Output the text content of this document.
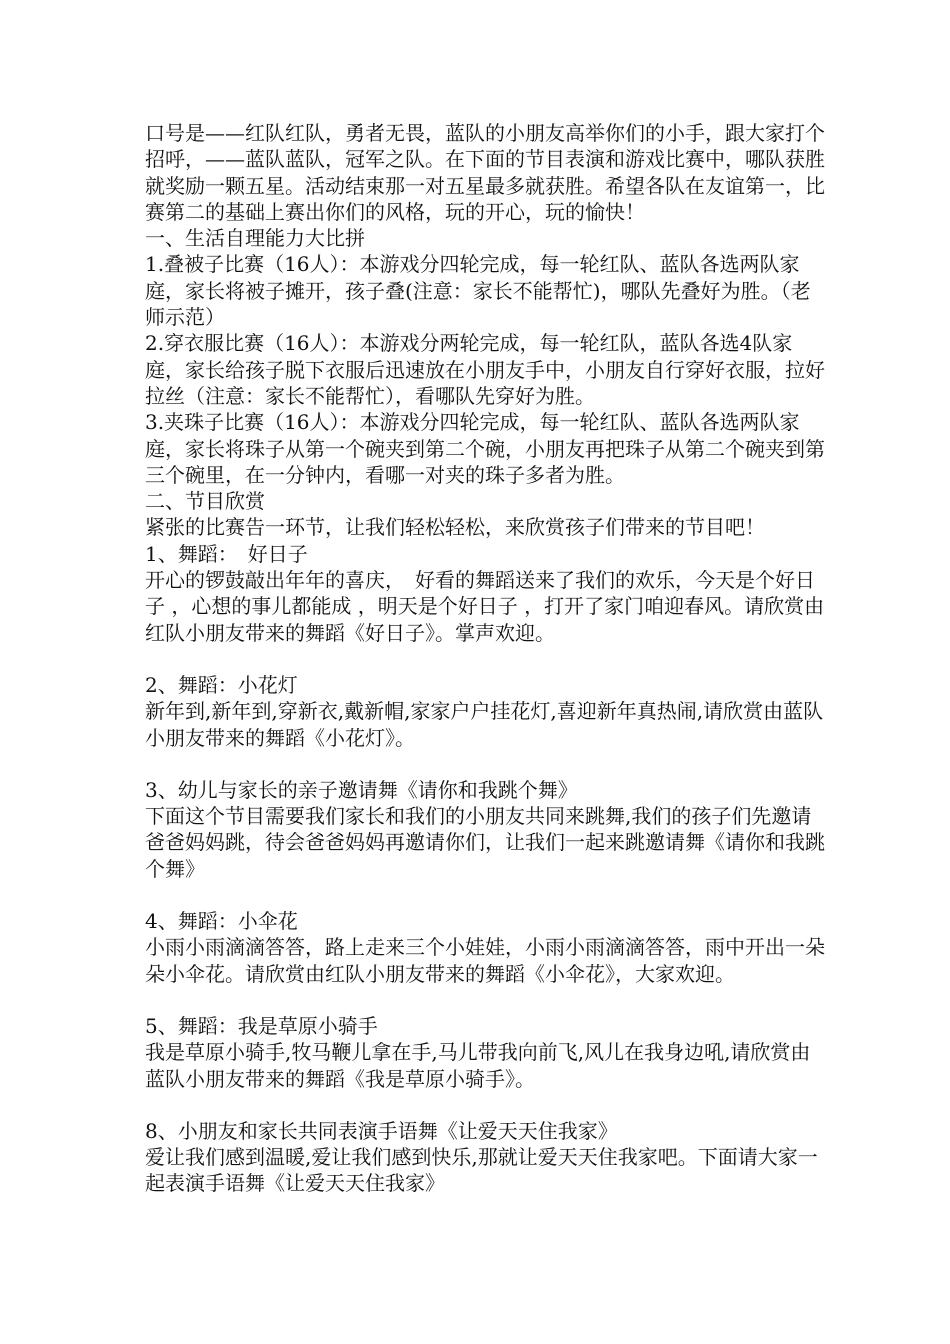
口号是——红队红队，勇者无畏，蓝队的小朋友高举你们的小手，跟大家打个招呼，——蓝队蓝队，冠军之队。在下面的节目表演和游戏比赛中，哪队获胜就奖励一颗五星。活动结束那一对五星最多就获胜。希望各队在友谊第一，比赛第二的基础上赛出你们的风格，玩的开心，玩的愉快！

一、生活自理能力大比拼

1.叠被子比赛（16人）：本游戏分四轮完成，每一轮红队、蓝队各选两队家庭，家长将被子摊开，孩子叠(注意：家长不能帮忙)，哪队先叠好为胜。（老师示范）

2.穿衣服比赛（16人）：本游戏分两轮完成，每一轮红队，蓝队各选4队家庭，家长给孩子脱下衣服后迅速放在小朋友手中，小朋友自行穿好衣服，拉好拉丝（注意：家长不能帮忙），看哪队先穿好为胜。

3.夹珠子比赛（16人）：本游戏分四轮完成，每一轮红队、蓝队各选两队家庭，家长将珠子从第一个碗夹到第二个碗，小朋友再把珠子从第二个碗夹到第三个碗里，在一分钟内，看哪一对夹的珠子多者为胜。

二、节目欣赏

紧张的比赛告一环节，让我们轻松轻松，来欣赏孩子们带来的节目吧！

1、舞蹈：　好日子

开心的锣鼓敲出年年的喜庆，　好看的舞蹈送来了我们的欢乐，今天是个好日子 ，心想的事儿都能成 ，明天是个好日子 ，打开了家门咱迎春风。请欣赏由红队小朋友带来的舞蹈《好日子》。掌声欢迎。

2、舞蹈：小花灯

新年到,新年到,穿新衣,戴新帽,家家户户挂花灯,喜迎新年真热闹,请欣赏由蓝队小朋友带来的舞蹈《小花灯》。

3、幼儿与家长的亲子邀请舞《请你和我跳个舞》

下面这个节目需要我们家长和我们的小朋友共同来跳舞,我们的孩子们先邀请爸爸妈妈跳，待会爸爸妈妈再邀请你们，让我们一起来跳邀请舞《请你和我跳个舞》

4、舞蹈：小伞花

小雨小雨滴滴答答，路上走来三个小娃娃，小雨小雨滴滴答答，雨中开出一朵朵小伞花。请欣赏由红队小朋友带来的舞蹈《小伞花》，大家欢迎。

5、舞蹈：我是草原小骑手

我是草原小骑手,牧马鞭儿拿在手,马儿带我向前飞,风儿在我身边吼,请欣赏由蓝队小朋友带来的舞蹈《我是草原小骑手》。

8、小朋友和家长共同表演手语舞《让爱天天住我家》

爱让我们感到温暖,爱让我们感到快乐,那就让爱天天住我家吧。下面请大家一起表演手语舞《让爱天天住我家》
